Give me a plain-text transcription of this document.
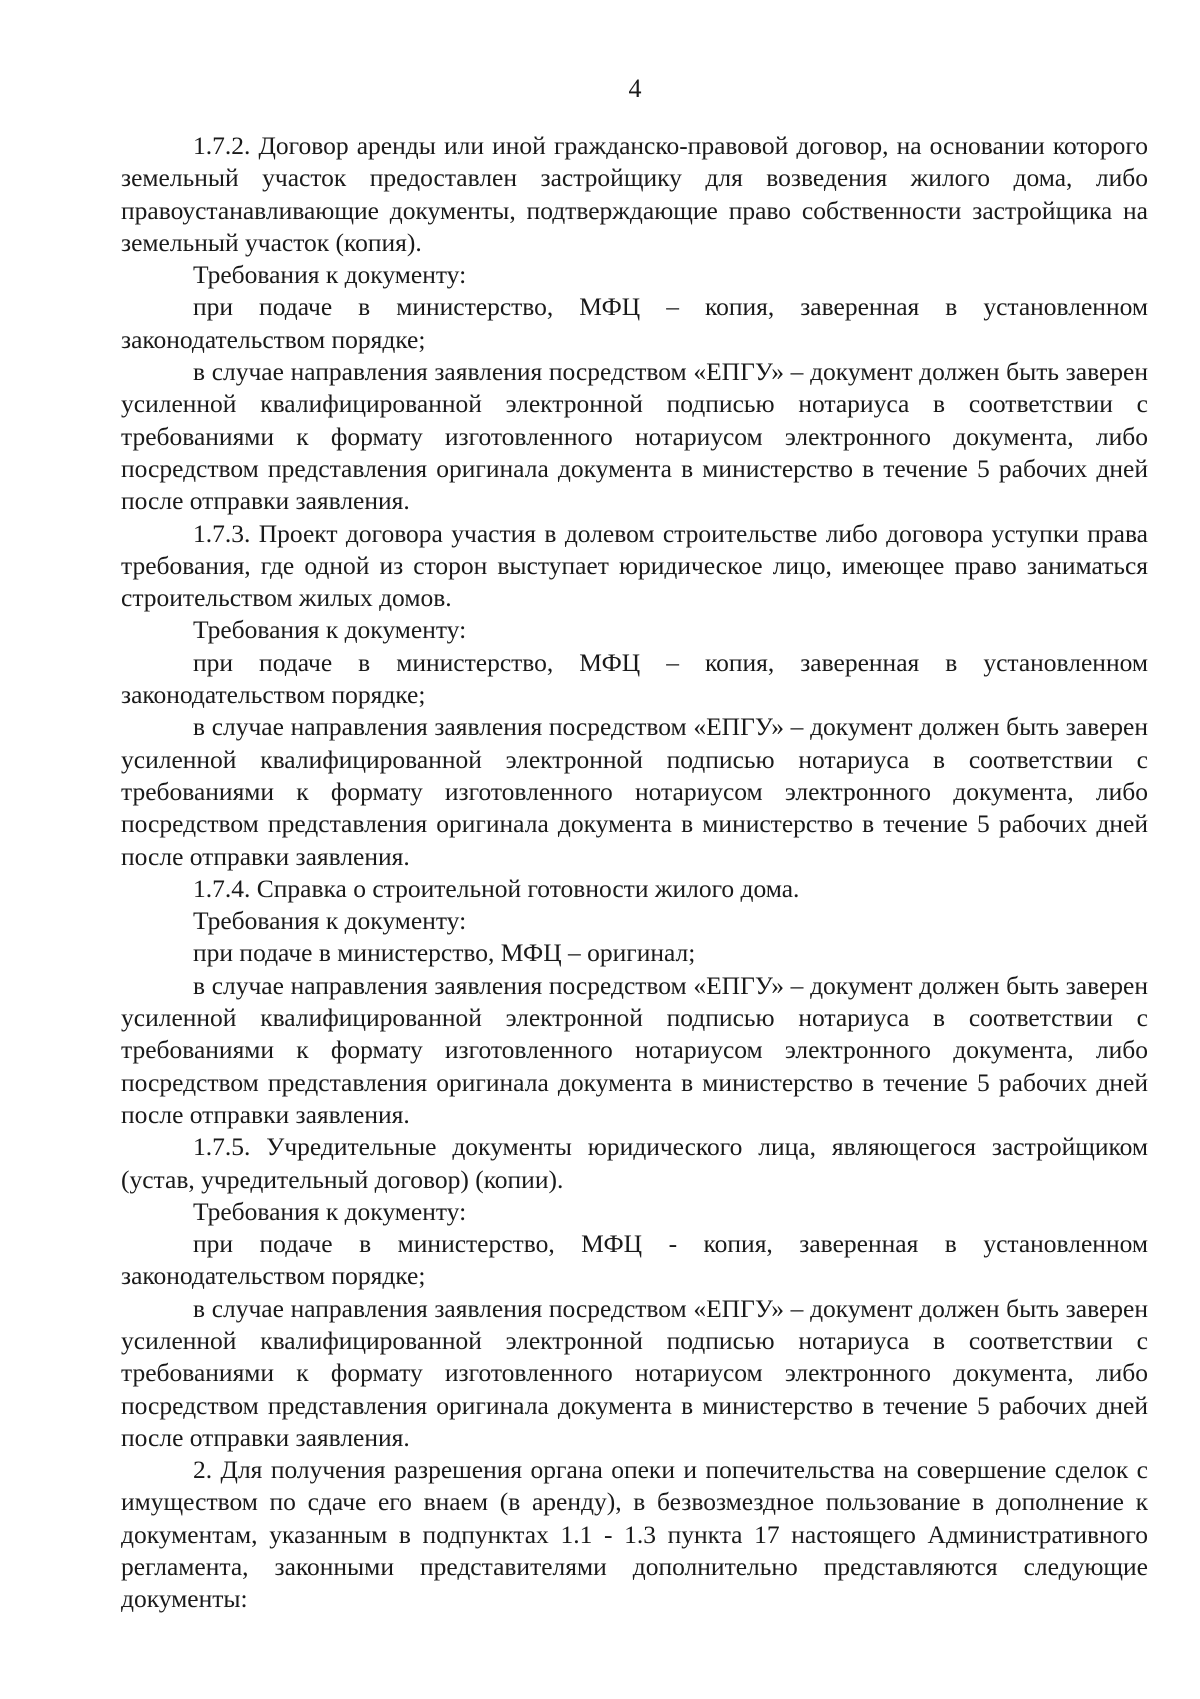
4

1.7.2. Договор аренды или иной гражданско-правовой договор, на основании которого земельный участок предоставлен застройщику для возведения жилого дома, либо правоустанавливающие документы, подтверждающие право собственности застройщика на земельный участок (копия).

Требования к документу:

при подаче в министерство, МФЦ – копия, заверенная в установленном законодательством порядке;

в случае направления заявления посредством «ЕПГУ» – документ должен быть заверен усиленной квалифицированной электронной подписью нотариуса в соответствии с требованиями к формату изготовленного нотариусом электронного документа, либо посредством представления оригинала документа в министерство в течение 5 рабочих дней после отправки заявления.

1.7.3. Проект договора участия в долевом строительстве либо договора уступки права требования, где одной из сторон выступает юридическое лицо, имеющее право заниматься строительством жилых домов.

Требования к документу:

при подаче в министерство, МФЦ – копия, заверенная в установленном законодательством порядке;

в случае направления заявления посредством «ЕПГУ» – документ должен быть заверен усиленной квалифицированной электронной подписью нотариуса в соответствии с требованиями к формату изготовленного нотариусом электронного документа, либо посредством представления оригинала документа в министерство в течение 5 рабочих дней после отправки заявления.

1.7.4. Справка о строительной готовности жилого дома.

Требования к документу:

при подаче в министерство, МФЦ – оригинал;

в случае направления заявления посредством «ЕПГУ» – документ должен быть заверен усиленной квалифицированной электронной подписью нотариуса в соответствии с требованиями к формату изготовленного нотариусом электронного документа, либо посредством представления оригинала документа в министерство в течение 5 рабочих дней после отправки заявления.

1.7.5. Учредительные документы юридического лица, являющегося застройщиком (устав, учредительный договор) (копии).

Требования к документу:

при подаче в министерство, МФЦ - копия, заверенная в установленном законодательством порядке;

в случае направления заявления посредством «ЕПГУ» – документ должен быть заверен усиленной квалифицированной электронной подписью нотариуса в соответствии с требованиями к формату изготовленного нотариусом электронного документа, либо посредством представления оригинала документа в министерство в течение 5 рабочих дней после отправки заявления.

2. Для получения разрешения органа опеки и попечительства на совершение сделок с имуществом по сдаче его внаем (в аренду), в безвозмездное пользование в дополнение к документам, указанным в подпунктах 1.1 - 1.3 пункта 17 настоящего Административного регламента, законными представителями дополнительно представляются следующие документы:
